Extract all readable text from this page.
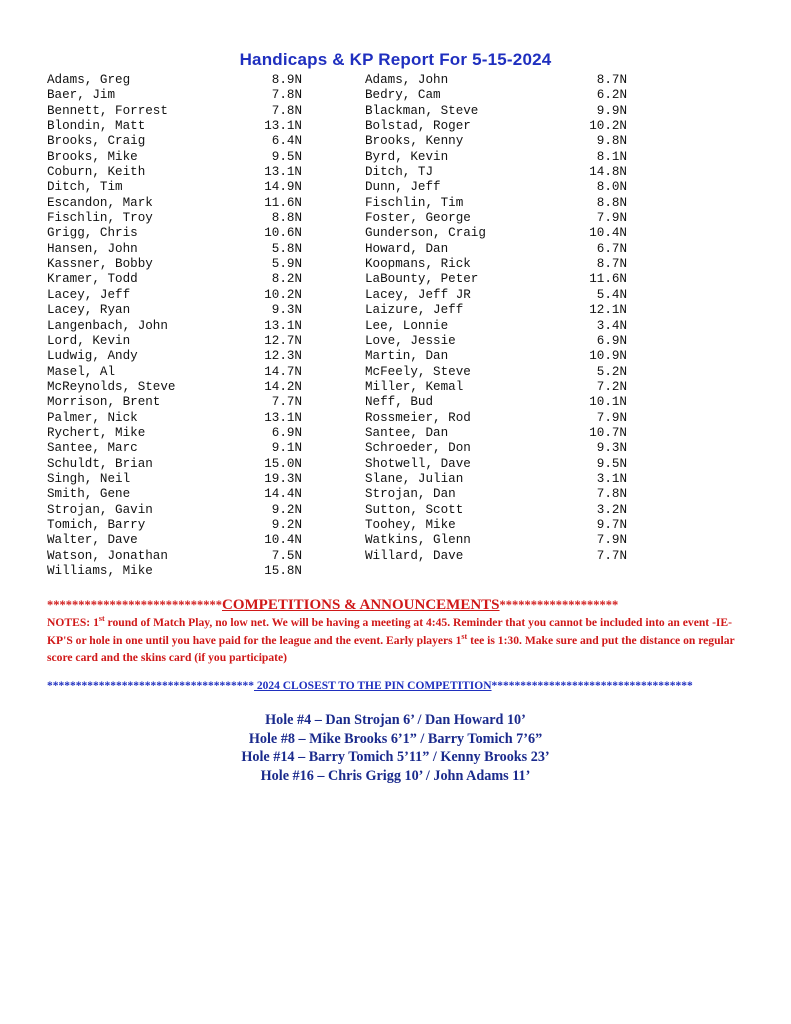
Handicaps & KP Report For 5-15-2024
Adams, Greg	8.9N
Baer, Jim	7.8N
Bennett, Forrest	7.8N
Blondin, Matt	13.1N
Brooks, Craig	6.4N
Brooks, Mike	9.5N
Coburn, Keith	13.1N
Ditch, Tim	14.9N
Escandon, Mark	11.6N
Fischlin, Troy	8.8N
Grigg, Chris	10.6N
Hansen, John	5.8N
Kassner, Bobby	5.9N
Kramer, Todd	8.2N
Lacey, Jeff	10.2N
Lacey, Ryan	9.3N
Langenbach, John	13.1N
Lord, Kevin	12.7N
Ludwig, Andy	12.3N
Masel, Al	14.7N
McReynolds, Steve	14.2N
Morrison, Brent	7.7N
Palmer, Nick	13.1N
Rychert, Mike	6.9N
Santee, Marc	9.1N
Schuldt, Brian	15.0N
Singh, Neil	19.3N
Smith, Gene	14.4N
Strojan, Gavin	9.2N
Tomich, Barry	9.2N
Walter, Dave	10.4N
Watson, Jonathan	7.5N
Williams, Mike	15.8N
Adams, John	8.7N
Bedry, Cam	6.2N
Blackman, Steve	9.9N
Bolstad, Roger	10.2N
Brooks, Kenny	9.8N
Byrd, Kevin	8.1N
Ditch, TJ	14.8N
Dunn, Jeff	8.0N
Fischlin, Tim	8.8N
Foster, George	7.9N
Gunderson, Craig	10.4N
Howard, Dan	6.7N
Koopmans, Rick	8.7N
LaBounty, Peter	11.6N
Lacey, Jeff JR	5.4N
Laizure, Jeff	12.1N
Lee, Lonnie	3.4N
Love, Jessie	6.9N
Martin, Dan	10.9N
McFeely, Steve	5.2N
Miller, Kemal	7.2N
Neff, Bud	10.1N
Rossmeier, Rod	7.9N
Santee, Dan	10.7N
Schroeder, Don	9.3N
Shotwell, Dave	9.5N
Slane, Julian	3.1N
Strojan, Dan	7.8N
Sutton, Scott	3.2N
Toohey, Mike	9.7N
Watkins, Glenn	7.9N
Willard, Dave	7.7N
****************************COMPETITIONS & ANNOUNCEMENTS*******************
NOTES: 1st round of Match Play, no low net. We will be having a meeting at 4:45. Reminder that you cannot be included into an event -IE- KP'S or hole in one until you have paid for the league and the event. Early players 1st tee is 1:30. Make sure and put the distance on regular score card and the skins card (if you participate)
************************************ 2024 CLOSEST TO THE PIN COMPETITION***********************************
Hole #4 – Dan Strojan 6’ / Dan Howard 10’
Hole #8 – Mike Brooks 6’1” / Barry Tomich 7’6”
Hole #14 – Barry Tomich 5’11” / Kenny Brooks 23’
Hole #16 – Chris Grigg 10’ / John Adams 11’
